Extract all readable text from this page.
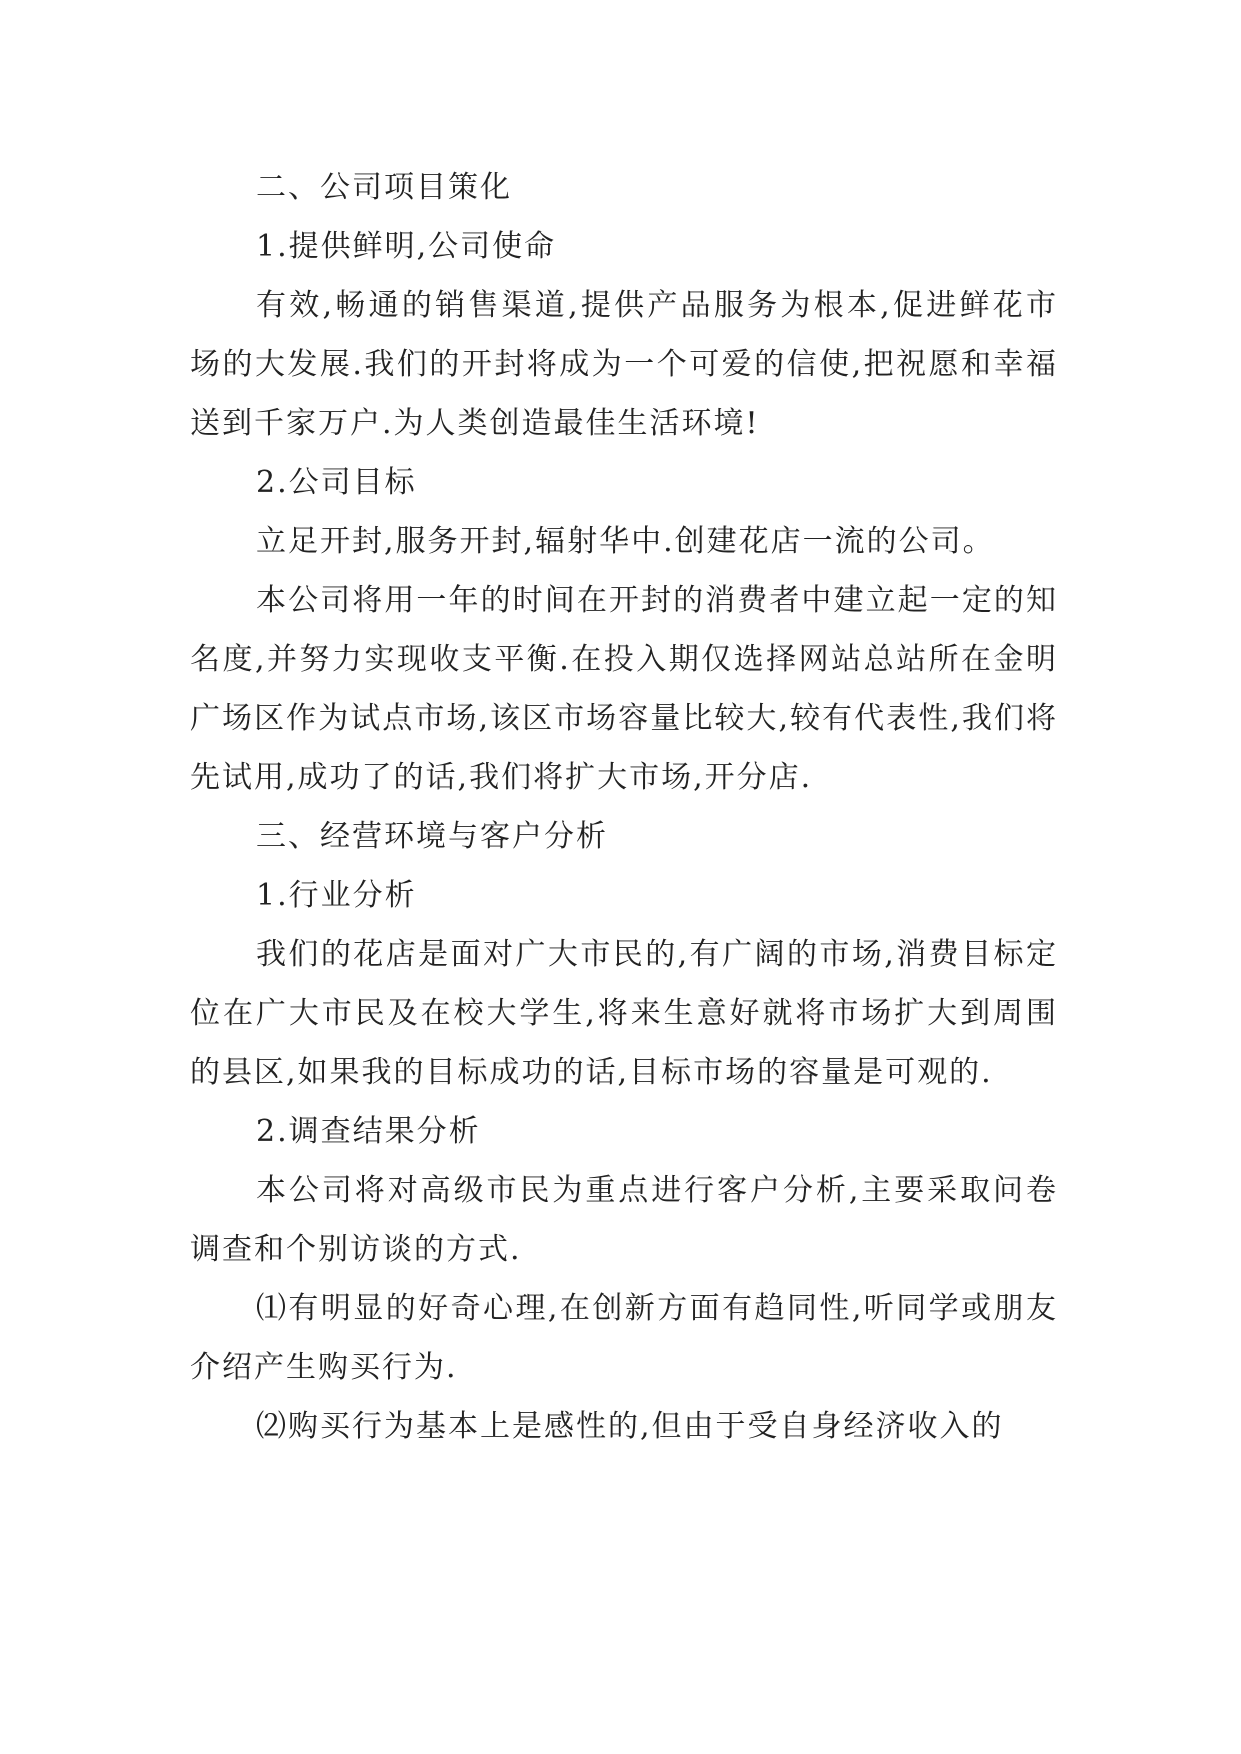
二、公司项目策化

1.提供鲜明,公司使命

有效,畅通的销售渠道,提供产品服务为根本,促进鲜花市场的大发展.我们的开封将成为一个可爱的信使,把祝愿和幸福送到千家万户.为人类创造最佳生活环境!

2.公司目标

立足开封,服务开封,辐射华中.创建花店一流的公司。

本公司将用一年的时间在开封的消费者中建立起一定的知名度,并努力实现收支平衡.在投入期仅选择网站总站所在金明广场区作为试点市场,该区市场容量比较大,较有代表性,我们将先试用,成功了的话,我们将扩大市场,开分店.

三、经营环境与客户分析

1.行业分析

我们的花店是面对广大市民的,有广阔的市场,消费目标定位在广大市民及在校大学生,将来生意好就将市场扩大到周围的县区,如果我的目标成功的话,目标市场的容量是可观的.

2.调查结果分析

本公司将对高级市民为重点进行客户分析,主要采取问卷调查和个别访谈的方式.

⑴有明显的好奇心理,在创新方面有趋同性,听同学或朋友介绍产生购买行为.

⑵购买行为基本上是感性的,但由于受自身经济收入的
